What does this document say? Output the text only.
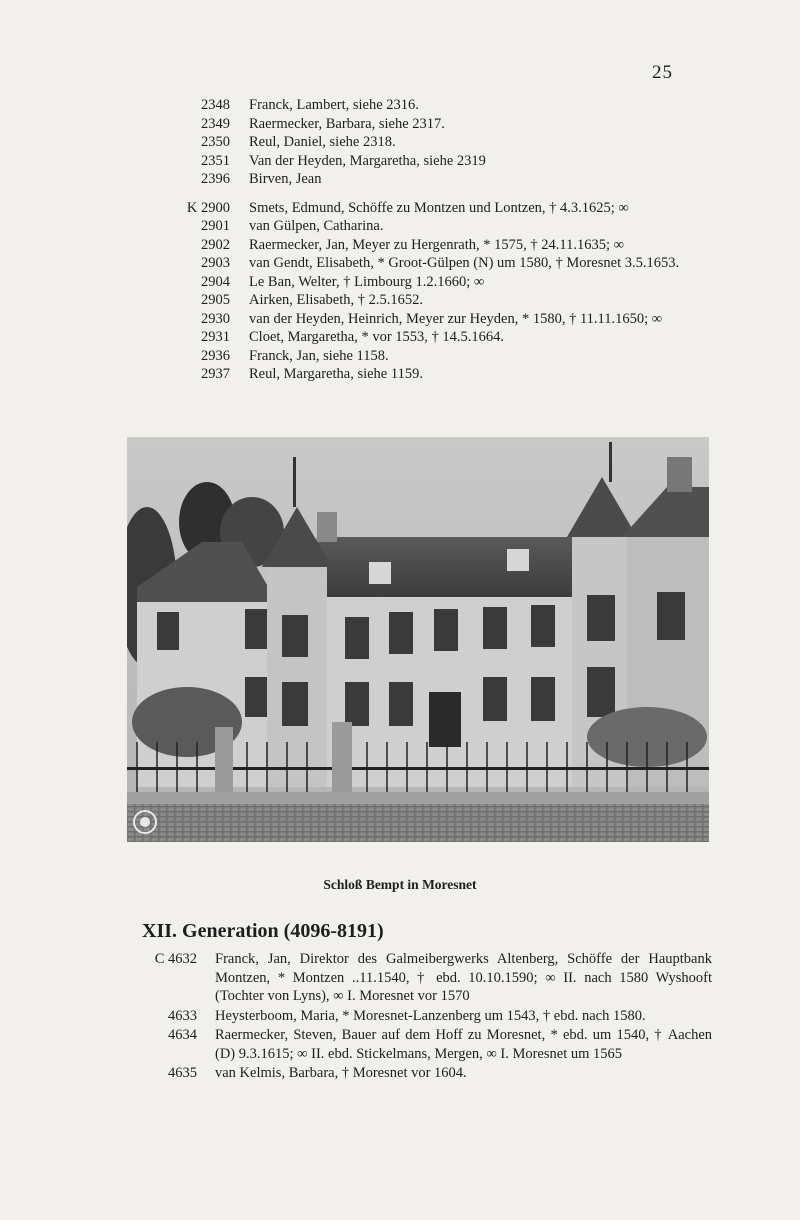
25
2348	Franck, Lambert, siehe 2316.
2349	Raermecker, Barbara, siehe 2317.
2350	Reul, Daniel, siehe 2318.
2351	Van der Heyden, Margaretha, siehe 2319
2396	Birven, Jean
K 2900	Smets, Edmund, Schöffe zu Montzen und Lontzen, † 4.3.1625; ∞
2901	van Gülpen, Catharina.
2902	Raermecker, Jan, Meyer zu Hergenrath, * 1575, † 24.11.1635; ∞
2903	van Gendt, Elisabeth, * Groot-Gülpen (N) um 1580, † Moresnet 3.5.1653.
2904	Le Ban, Welter, † Limbourg 1.2.1660; ∞
2905	Airken, Elisabeth, † 2.5.1652.
2930	van der Heyden, Heinrich, Meyer zur Heyden, * 1580, † 11.11.1650; ∞
2931	Cloet, Margaretha, * vor 1553, † 14.5.1664.
2936	Franck, Jan, siehe 1158.
2937	Reul, Margaretha, siehe 1159.
Schloß Bempt in Moresnet
XII. Generation (4096-8191)
C 4632	Franck, Jan, Direktor des Galmeibergwerks Altenberg, Schöffe der Hauptbank Montzen, * Montzen ..11.1540, † ebd. 10.10.1590; ∞ II. nach 1580 Wyshooft (Tochter von Lyns), ∞ I. Moresnet vor 1570
4633	Heysterboom, Maria, * Moresnet-Lanzenberg um 1543, † ebd. nach 1580.
4634	Raermecker, Steven, Bauer auf dem Hoff zu Moresnet, * ebd. um 1540, † Aachen (D) 9.3.1615; ∞ II. ebd. Stickelmans, Mergen, ∞ I. Moresnet um 1565
4635	van Kelmis, Barbara, † Moresnet vor 1604.
